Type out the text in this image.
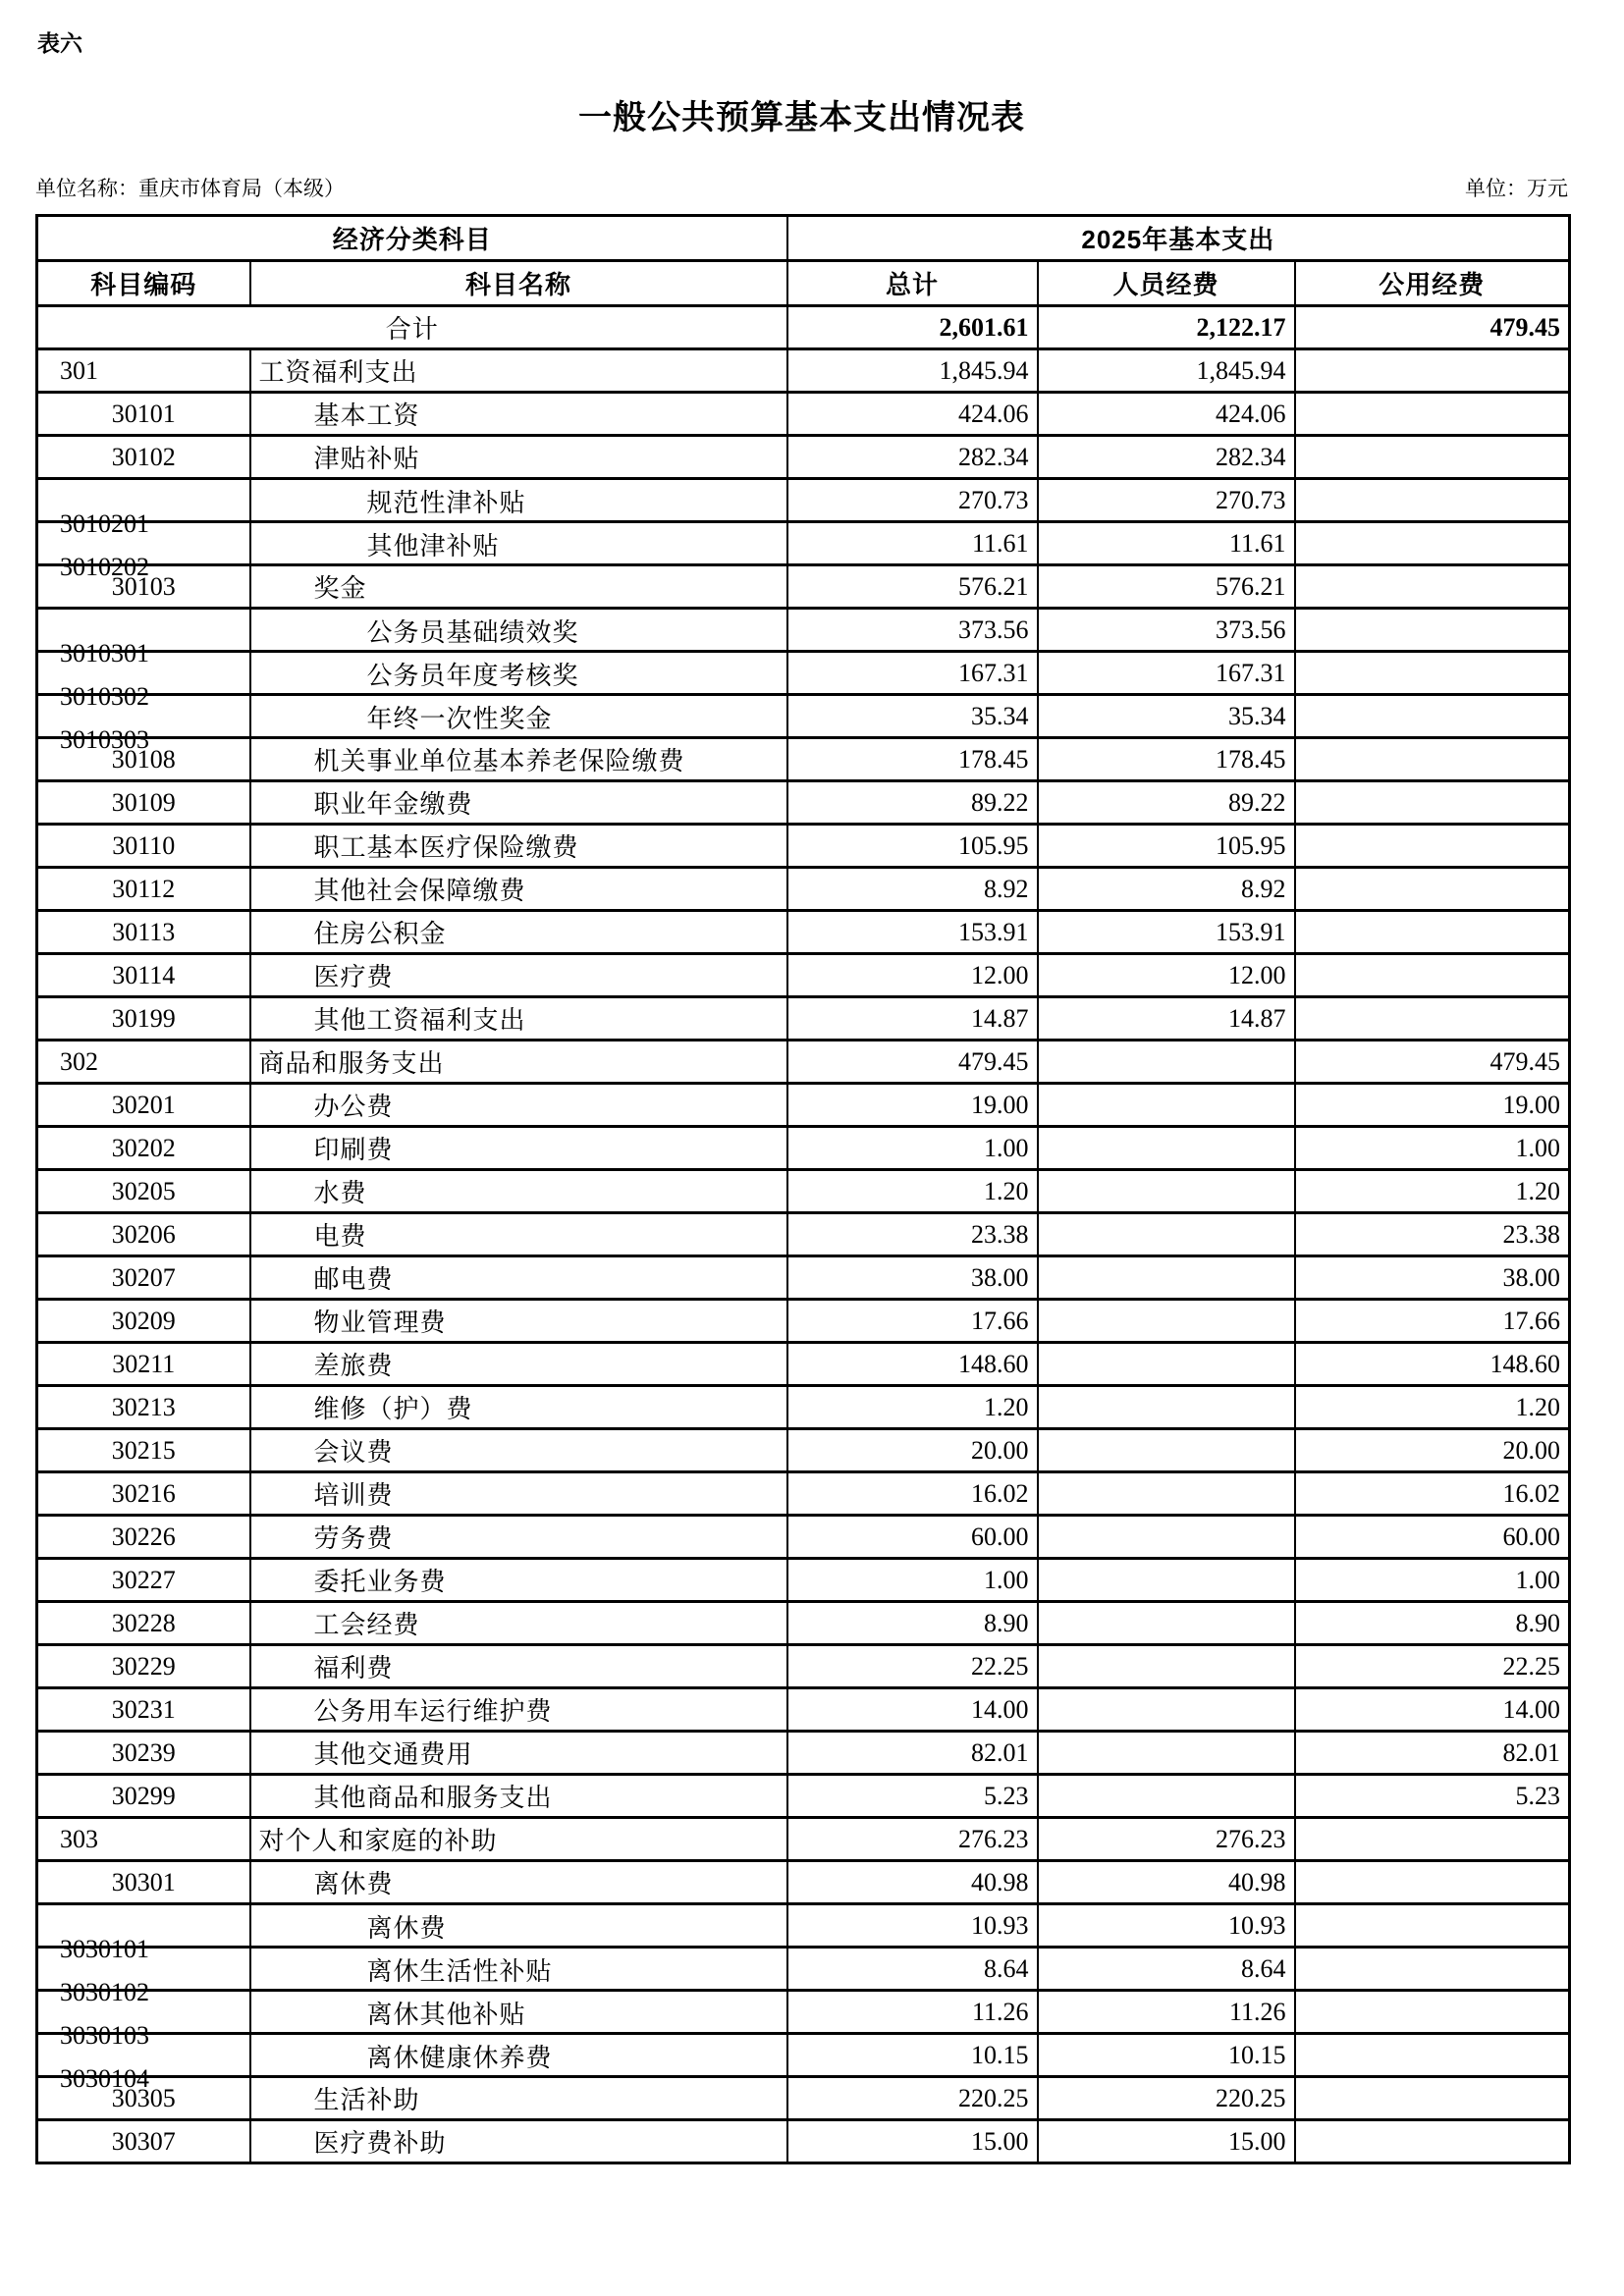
表六
一般公共预算基本支出情况表
单位名称：重庆市体育局（本级）	单位：万元
经济分类科目		2025年基本支出		
科目编码	科目名称	总计	人员经费	公用经费
合计		2,601.61	2,122.17	479.45
301	工资福利支出	1,845.94	1,845.94	
30101	基本工资	424.06	424.06	
30102	津贴补贴	282.34	282.34	

3010201	规范性津补贴	270.73	270.73	

3010202	其他津补贴	11.61	11.61	
30103	奖金	576.21	576.21	

3010301	公务员基础绩效奖	373.56	373.56	

3010302	公务员年度考核奖	167.31	167.31	

3010303	年终一次性奖金	35.34	35.34	
30108	机关事业单位基本养老保险缴费	178.45	178.45	
30109	职业年金缴费	89.22	89.22	
30110	职工基本医疗保险缴费	105.95	105.95	
30112	其他社会保障缴费	8.92	8.92	
30113	住房公积金	153.91	153.91	
30114	医疗费	12.00	12.00	
30199	其他工资福利支出	14.87	14.87	
302	商品和服务支出	479.45		479.45
30201	办公费	19.00		19.00
30202	印刷费	1.00		1.00
30205	水费	1.20		1.20
30206	电费	23.38		23.38
30207	邮电费	38.00		38.00
30209	物业管理费	17.66		17.66
30211	差旅费	148.60		148.60
30213	维修（护）费	1.20		1.20
30215	会议费	20.00		20.00
30216	培训费	16.02		16.02
30226	劳务费	60.00		60.00
30227	委托业务费	1.00		1.00
30228	工会经费	8.90		8.90
30229	福利费	22.25		22.25
30231	公务用车运行维护费	14.00		14.00
30239	其他交通费用	82.01		82.01
30299	其他商品和服务支出	5.23		5.23
303	对个人和家庭的补助	276.23	276.23	
30301	离休费	40.98	40.98	

3030101	离休费	10.93	10.93	

3030102	离休生活性补贴	8.64	8.64	

3030103	离休其他补贴	11.26	11.26	

3030104	离休健康休养费	10.15	10.15	
30305	生活补助	220.25	220.25	
30307	医疗费补助	15.00	15.00	
